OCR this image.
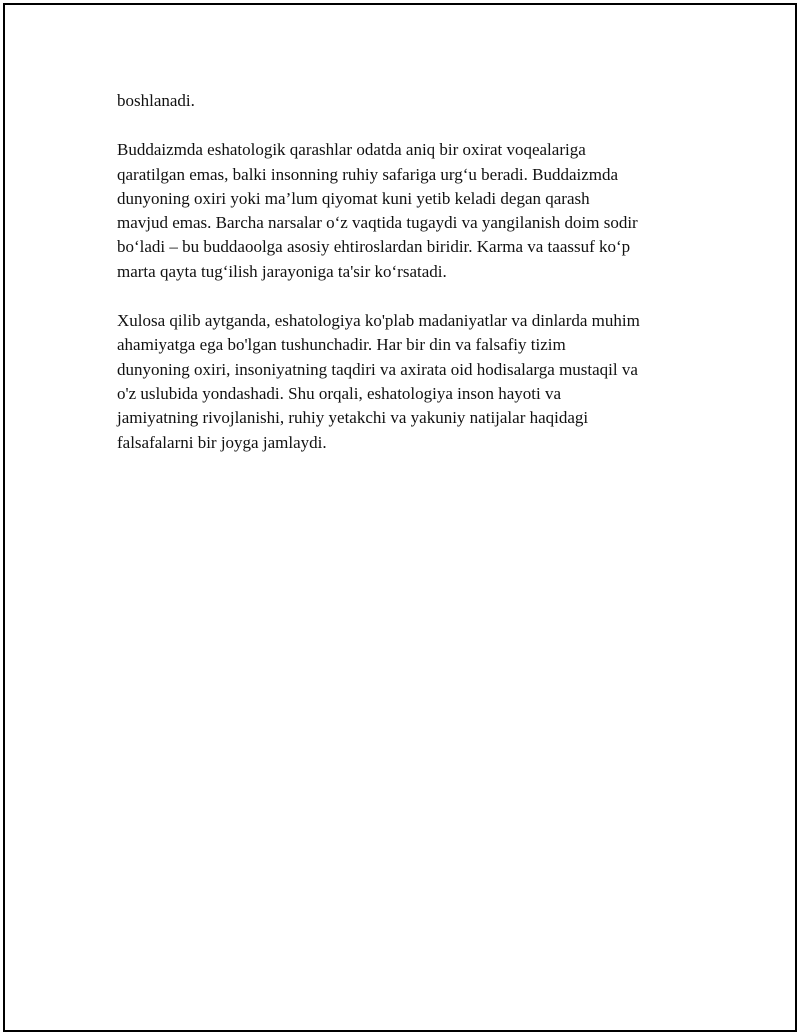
boshlanadi.

Buddaizmda eshatologik qarashlar odatda aniq bir oxirat voqealariga
qaratilgan emas, balki insonning ruhiy safariga urg‘u beradi. Buddaizmda
dunyoning oxiri yoki ma’lum qiyomat kuni yetib keladi degan qarash
mavjud emas. Barcha narsalar o‘z vaqtida tugaydi va yangilanish doim sodir
bo‘ladi – bu buddaoolga asosiy ehtiroslardan biridir. Karma va taassuf ko‘p
marta qayta tug‘ilish jarayoniga ta'sir ko‘rsatadi.

Xulosa qilib aytganda, eshatologiya ko'plab madaniyatlar va dinlarda muhim
ahamiyatga ega bo'lgan tushunchadir. Har bir din va falsafiy tizim
dunyoning oxiri, insoniyatning taqdiri va axirata oid hodisalarga mustaqil va
o'z uslubida yondashadi. Shu orqali, eshatologiya inson hayoti va
jamiyatning rivojlanishi, ruhiy yetakchi va yakuniy natijalar haqidagi
falsafalarni bir joyga jamlaydi.
